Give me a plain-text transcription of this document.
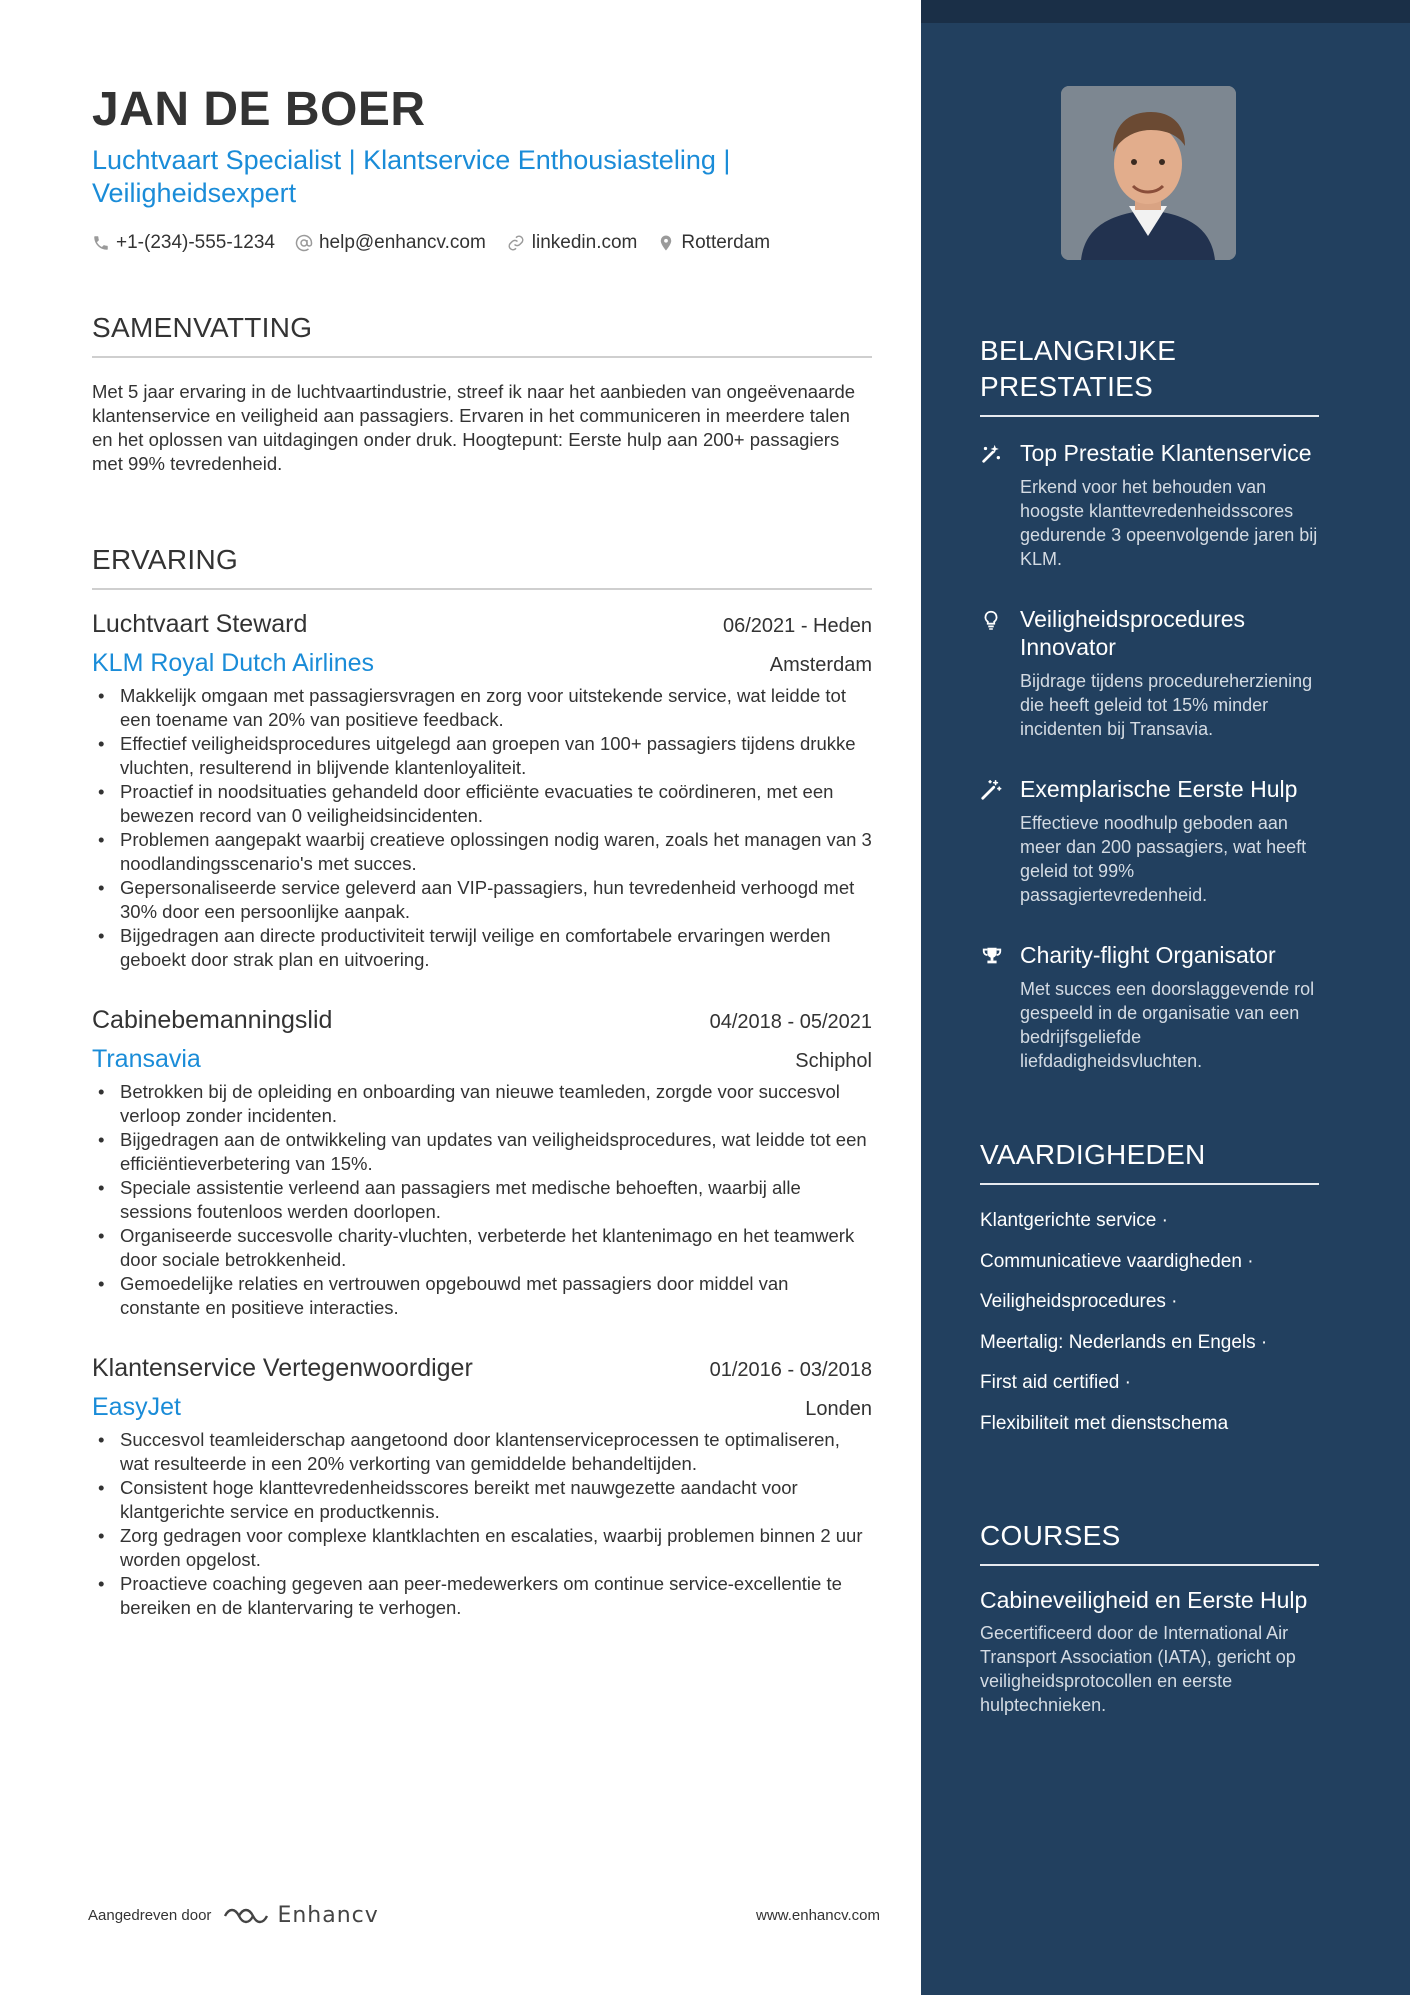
JAN DE BOER
Luchtvaart Specialist | Klantservice Enthousiasteling | Veiligheidsexpert
+1-(234)-555-1234 help@enhancv.com linkedin.com Rotterdam
SAMENVATTING

Met 5 jaar ervaring in de luchtvaartindustrie, streef ik naar het aanbieden van ongeëvenaarde klantenservice en veiligheid aan passagiers. Ervaren in het communiceren in meerdere talen en het oplossen van uitdagingen onder druk. Hoogtepunt: Eerste hulp aan 200+ passagiers met 99% tevredenheid.

ERVARING
Luchtvaart Steward	06/2021 - Heden
KLM Royal Dutch Airlines	Amsterdam
• Makkelijk omgaan met passagiersvragen en zorg voor uitstekende service, wat leidde tot een toename van 20% van positieve feedback.
• Effectief veiligheidsprocedures uitgelegd aan groepen van 100+ passagiers tijdens drukke vluchten, resulterend in blijvende klantenloyaliteit.
• Proactief in noodsituaties gehandeld door efficiënte evacuaties te coördineren, met een bewezen record van 0 veiligheidsincidenten.
• Problemen aangepakt waarbij creatieve oplossingen nodig waren, zoals het managen van 3 noodlandingsscenario's met succes.
• Gepersonaliseerde service geleverd aan VIP-passagiers, hun tevredenheid verhoogd met 30% door een persoonlijke aanpak.
• Bijgedragen aan directe productiviteit terwijl veilige en comfortabele ervaringen werden geboekt door strak plan en uitvoering.
Cabinebemanningslid	04/2018 - 05/2021
Transavia	Schiphol
• Betrokken bij de opleiding en onboarding van nieuwe teamleden, zorgde voor succesvol verloop zonder incidenten.
• Bijgedragen aan de ontwikkeling van updates van veiligheidsprocedures, wat leidde tot een efficiëntieverbetering van 15%.
• Speciale assistentie verleend aan passagiers met medische behoeften, waarbij alle sessions foutenloos werden doorlopen.
• Organiseerde succesvolle charity-vluchten, verbeterde het klantenimago en het teamwerk door sociale betrokkenheid.
• Gemoedelijke relaties en vertrouwen opgebouwd met passagiers door middel van constante en positieve interacties.
Klantenservice Vertegenwoordiger	01/2016 - 03/2018
EasyJet	Londen
• Succesvol teamleiderschap aangetoond door klantenserviceprocessen te optimaliseren, wat resulteerde in een 20% verkorting van gemiddelde behandeltijden.
• Consistent hoge klanttevredenheidsscores bereikt met nauwgezette aandacht voor klantgerichte service en productkennis.
• Zorg gedragen voor complexe klantklachten en escalaties, waarbij problemen binnen 2 uur worden opgelost.
• Proactieve coaching gegeven aan peer-medewerkers om continue service-excellentie te bereiken en de klantervaring te verhogen.
Aangedreven door	Enhancv	www.enhancv.com
BELANGRIJKE PRESTATIES
Top Prestatie Klantenservice
Erkend voor het behouden van hoogste klanttevredenheidsscores gedurende 3 opeenvolgende jaren bij KLM.
Veiligheidsprocedures Innovator
Bijdrage tijdens procedureherziening die heeft geleid tot 15% minder incidenten bij Transavia.
Exemplarische Eerste Hulp
Effectieve noodhulp geboden aan meer dan 200 passagiers, wat heeft geleid tot 99% passagiertevredenheid.
Charity-flight Organisator
Met succes een doorslaggevende rol gespeeld in de organisatie van een bedrijfsgeliefde liefdadigheidsvluchten.
VAARDIGHEDEN
Klantgerichte service ·
Communicatieve vaardigheden ·
Veiligheidsprocedures ·
Meertalig: Nederlands en Engels ·
First aid certified ·
Flexibiliteit met dienstschema
COURSES
Cabineveiligheid en Eerste Hulp
Gecertificeerd door de International Air Transport Association (IATA), gericht op veiligheidsprotocollen en eerste hulptechnieken.
